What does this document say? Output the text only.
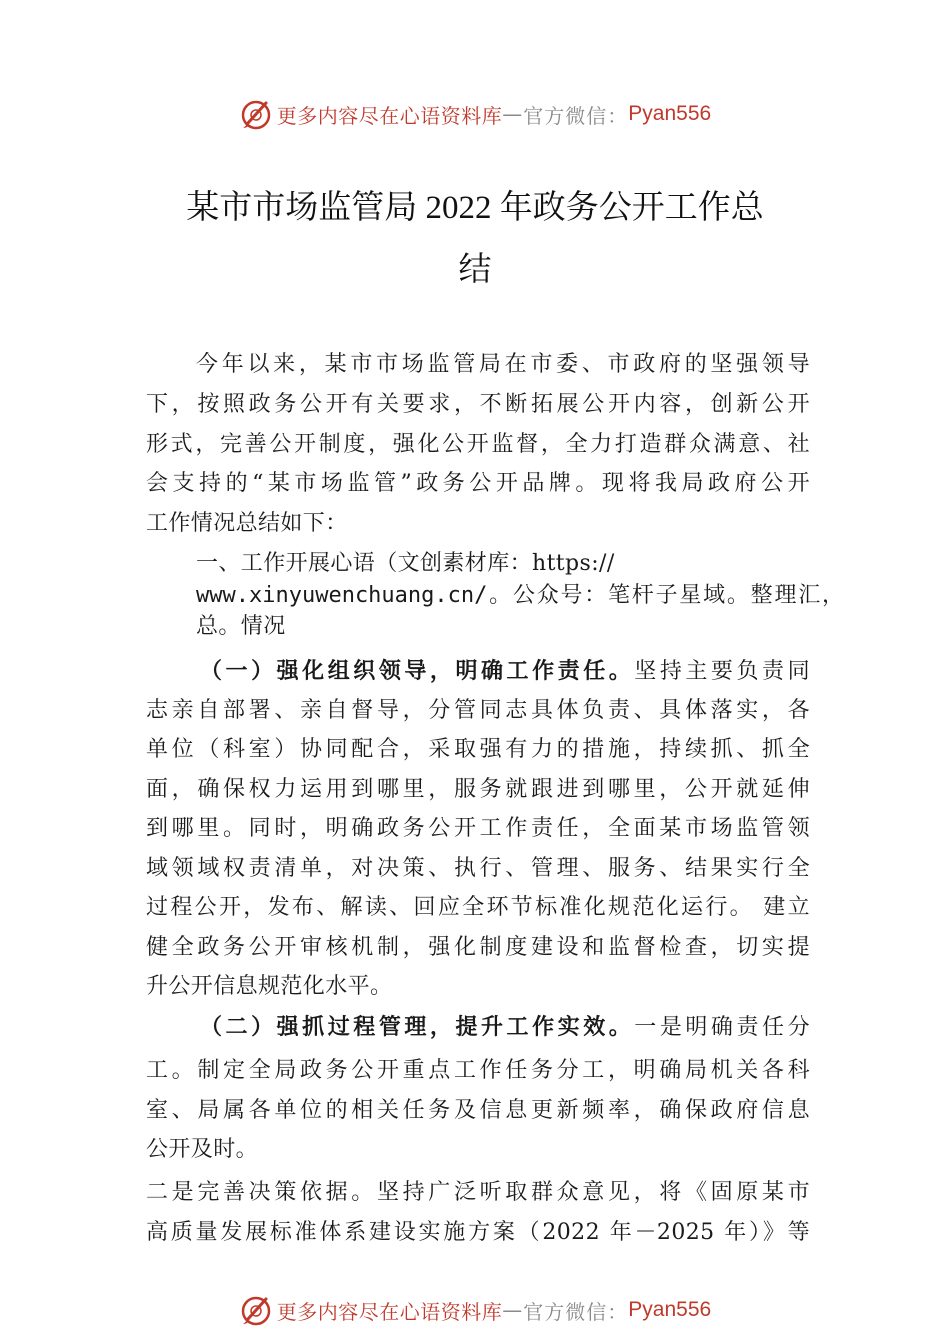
更多内容尽在心语资料库 — 官方微信： Pyan556
某市市场监管局 2022 年政务公开工作总
结
今年以来，某市市场监管局在市委、市政府的坚强领导
下，按照政务公开有关要求，不断拓展公开内容，创新公开
形式，完善公开制度，强化公开监督，全力打造群众满意、社
会支持的“某市场监管”政务公开品牌。现将我局政府公开
工作情况总结如下：
一、工作开展心语（文创素材库：https://
www.xinyuwenchuang.cn/。公众号：笔杆子星域。整理汇，
总。情况
（一）强化组织领导，明确工作责任。坚持主要负责同
志亲自部署、亲自督导，分管同志具体负责、具体落实，各
单位（科室）协同配合，采取强有力的措施，持续抓、抓全
面，确保权力运用到哪里，服务就跟进到哪里，公开就延伸
到哪里。同时，明确政务公开工作责任，全面某市场监管领
域领域权责清单，对决策、执行、管理、服务、结果实行全
过程公开，发布、解读、回应全环节标准化规范化运行。 建立
健全政务公开审核机制，强化制度建设和监督检查，切实提
升公开信息规范化水平。
（二）强抓过程管理，提升工作实效。一是明确责任分
工。制定全局政务公开重点工作任务分工，明确局机关各科
室、局属各单位的相关任务及信息更新频率，确保政府信息
公开及时。
二是完善决策依据。坚持广泛听取群众意见，将《固原某市
高质量发展标准体系建设实施方案（2022 年－2025 年）》等
更多内容尽在心语资料库 — 官方微信： Pyan556
